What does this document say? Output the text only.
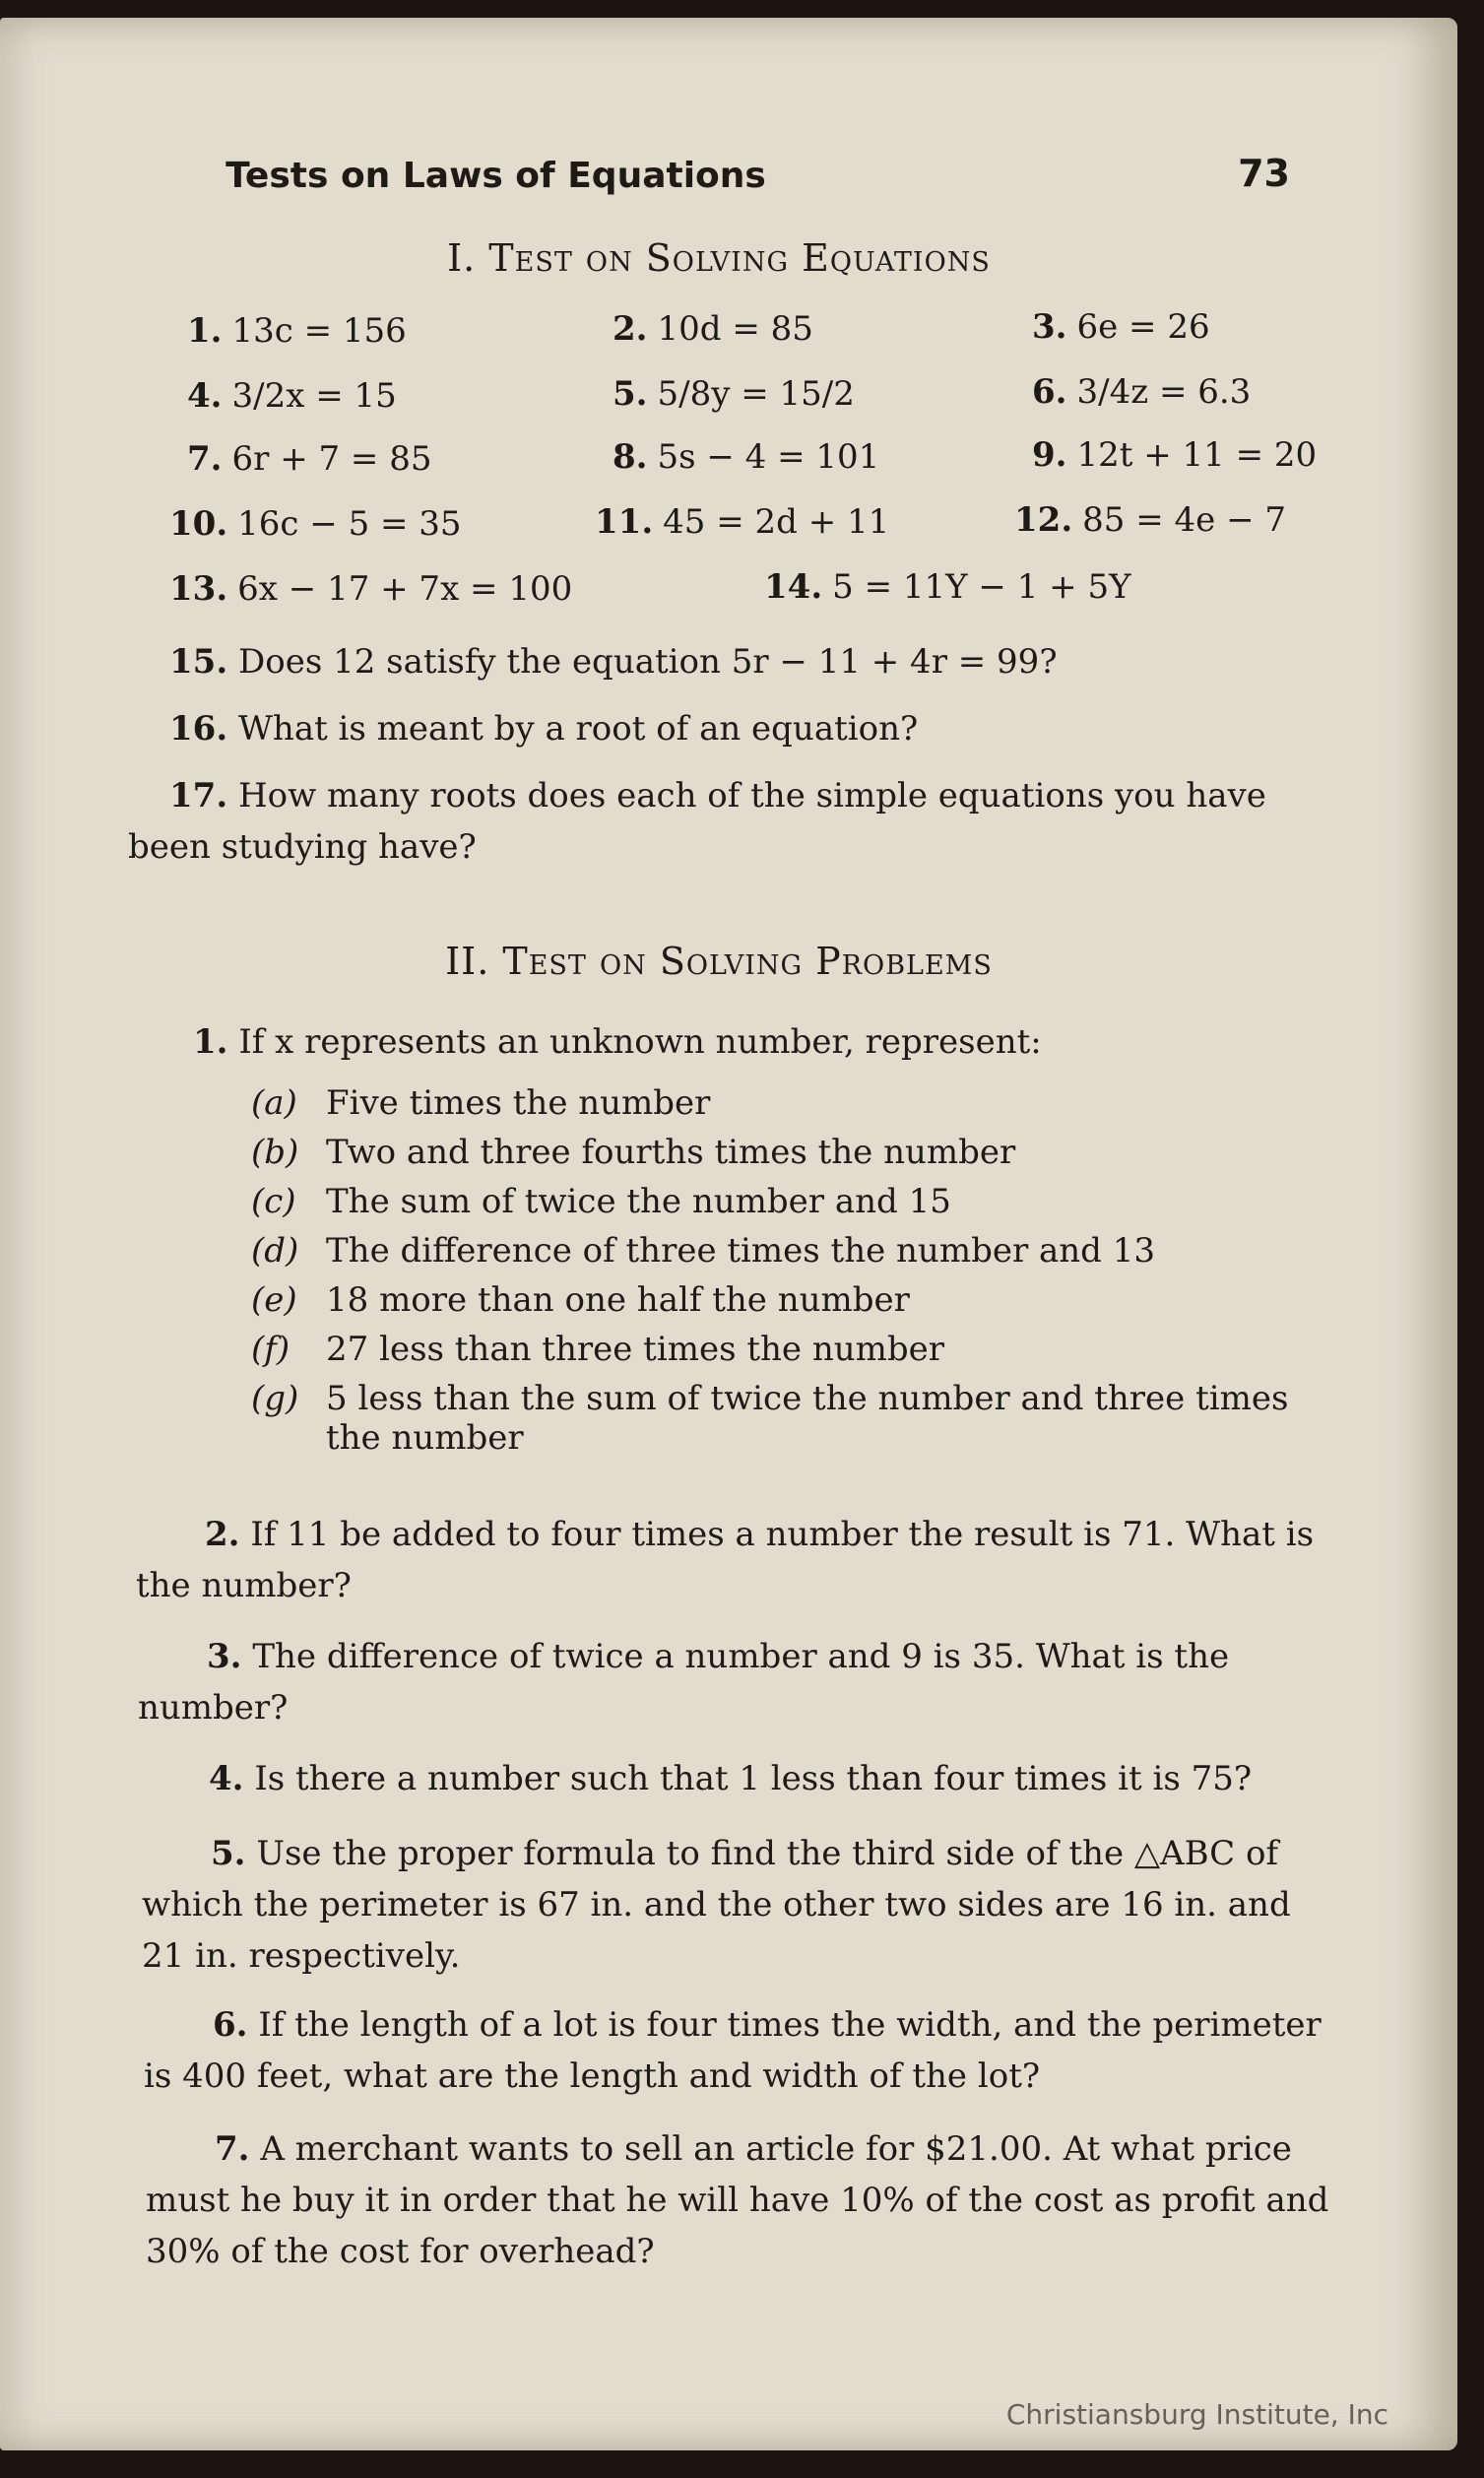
Tests on Laws of Equations	73
I. Test on Solving Equations
1. 13c = 156	2. 10d = 85	3. 6e = 26
4. 3/2x = 15	5. 5/8y = 15/2	6. 3/4z = 6.3
7. 6r + 7 = 85	8. 5s − 4 = 101	9. 12t + 11 = 20
10. 16c − 5 = 35	11. 45 = 2d + 11	12. 85 = 4e − 7
13. 6x − 17 + 7x = 100	14. 5 = 11Y − 1 + 5Y
15. Does 12 satisfy the equation 5r − 11 + 4r = 99?
16. What is meant by a root of an equation?
17. How many roots does each of the simple equations you have been studying have?
II. Test on Solving Problems
1. If x represents an unknown number, represent:
(a) Five times the number
(b) Two and three fourths times the number
(c) The sum of twice the number and 15
(d) The difference of three times the number and 13
(e) 18 more than one half the number
(f) 27 less than three times the number
(g) 5 less than the sum of twice the number and three times
the number
2. If 11 be added to four times a number the result is 71. What is the number?
3. The difference of twice a number and 9 is 35. What is the number?
4. Is there a number such that 1 less than four times it is 75?
5. Use the proper formula to find the third side of the △ABC of which the perimeter is 67 in. and the other two sides are 16 in. and 21 in. respectively.
6. If the length of a lot is four times the width, and the perimeter is 400 feet, what are the length and width of the lot?
7. A merchant wants to sell an article for $21.00. At what price must he buy it in order that he will have 10% of the cost as profit and 30% of the cost for overhead?
Christiansburg Institute, Inc
